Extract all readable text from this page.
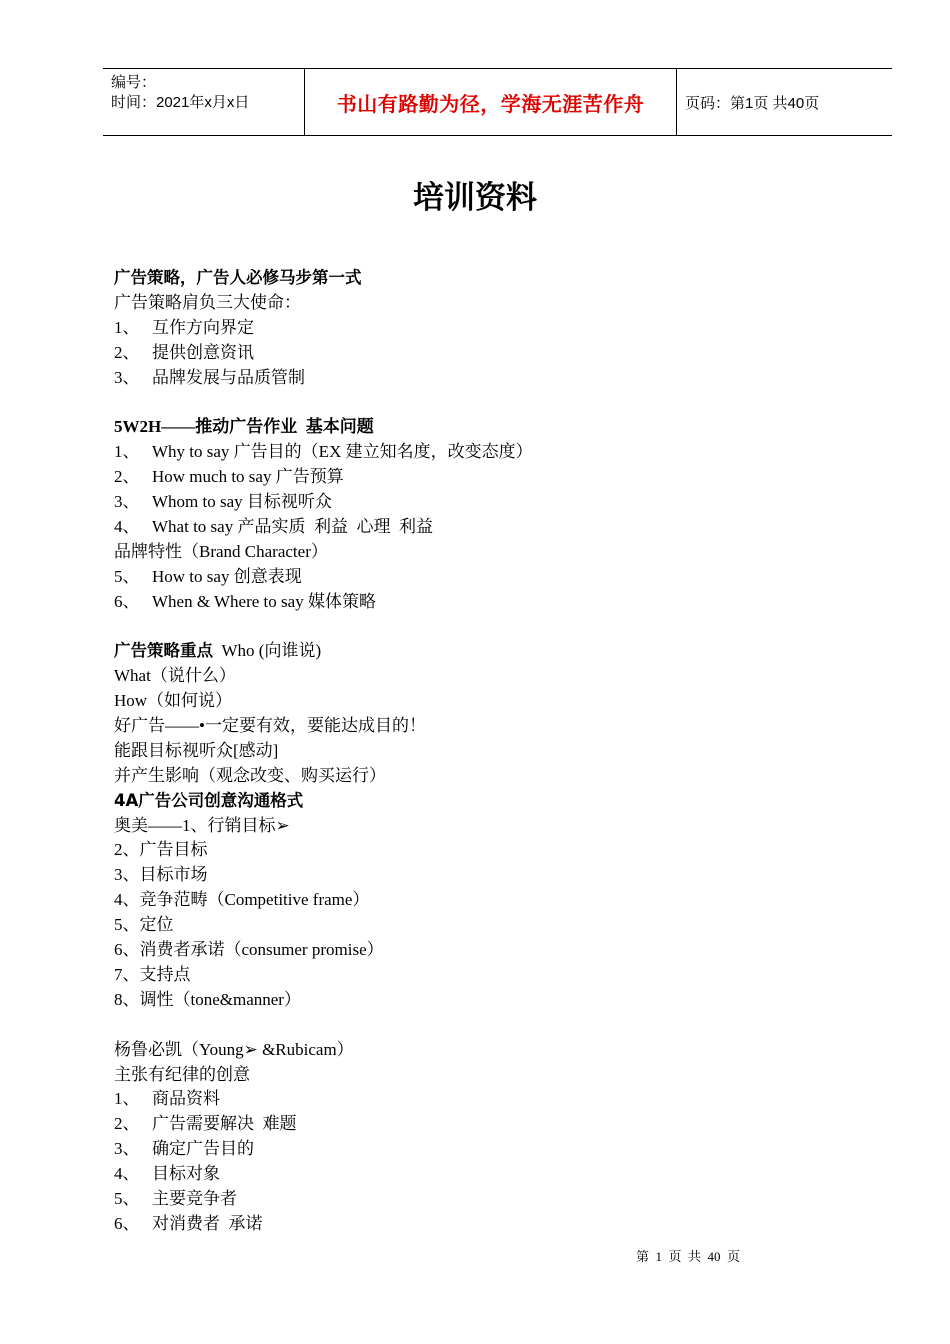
编号：
时间：2021年x月x日	书山有路勤为径，学海无涯苦作舟	页码：第1页 共40页
培训资料
广告策略，广告人必修马步第一式
广告策略肩负三大使命：
1、 互作方向界定
2、 提供创意资讯
3、 品牌发展与品质管制
5W2H——推动广告作业  基本问题
1、 Why to say 广告目的（EX 建立知名度，改变态度）
2、 How much to say 广告预算
3、 Whom to say 目标视听众
4、 What to say 产品实质  利益  心理  利益
品牌特性（Brand Character）
5、 How to say 创意表现
6、 When & Where to say 媒体策略
广告策略重点  Who (向谁说)
What（说什么）
How（如何说）
好广告——•一定要有效，要能达成目的！
能跟目标视听众[感动]
并产生影响（观念改变、购买运行）
4A广告公司创意沟通格式
奥美——1、行销目标➢
2、广告目标
3、目标市场
4、竞争范畴（Competitive frame）
5、定位
6、消费者承诺（consumer promise）
7、支持点
8、调性（tone&manner）
杨鲁必凯（Young➢ &Rubicam）
主张有纪律的创意
1、 商品资料
2、 广告需要解决  难题
3、 确定广告目的
4、 目标对象
5、 主要竞争者
6、 对消费者  承诺
第  1  页  共  40  页
